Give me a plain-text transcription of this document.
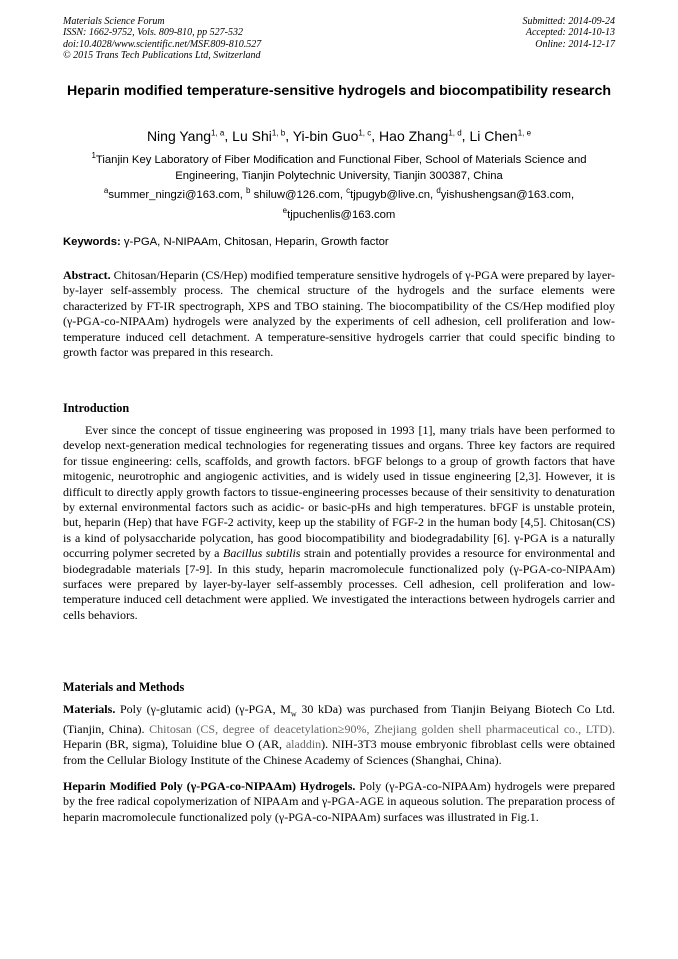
Materials Science Forum
ISSN: 1662-9752, Vols. 809-810, pp 527-532
doi:10.4028/www.scientific.net/MSF.809-810.527
© 2015 Trans Tech Publications Ltd, Switzerland
Submitted: 2014-09-24
Accepted: 2014-10-13
Online: 2014-12-17
Heparin modified temperature-sensitive hydrogels and biocompatibility research
Ning Yang$^{1, a}$, Lu Shi$^{1, b}$, Yi-bin Guo$^{1, c}$, Hao Zhang$^{1, d}$, Li Chen$^{1, e}$
$^1$Tianjin Key Laboratory of Fiber Modification and Functional Fiber, School of Materials Science and Engineering, Tianjin Polytechnic University, Tianjin 300387, China
$^a$summer_ningzi@163.com, $^b$ shiluw@126.com, $^c$tjpugyb@live.cn, $^d$yishushengsan@163.com,
$^e$tjpuchenlis@163.com
Keywords: γ-PGA, N-NIPAAm, Chitosan, Heparin, Growth factor

Abstract. Chitosan/Heparin (CS/Hep) modified temperature sensitive hydrogels of γ-PGA were prepared by layer-by-layer self-assembly process. The chemical structure of the hydrogels and the surface elements were characterized by FT-IR spectrograph, XPS and TBO staining. The biocompatibility of the CS/Hep modified ploy (γ-PGA-co-NIPAAm) hydrogels were analyzed by the experiments of cell adhesion, cell proliferation and low-temperature induced cell detachment. A temperature-sensitive hydrogels carrier that could specific binding to growth factor was prepared in this research.

Introduction

Ever since the concept of tissue engineering was proposed in 1993 [1], many trials have been performed to develop next-generation medical technologies for regenerating tissues and organs. Three key factors are required for tissue engineering: cells, scaffolds, and growth factors. bFGF belongs to a group of growth factors that have mitogenic, neurotrophic and angiogenic activities, and is widely used in tissue engineering [2,3]. However, it is difficult to directly apply growth factors to tissue-engineering processes because of their sensitivity to denaturation by external environmental factors such as acidic- or basic-pHs and high temperatures. bFGF is unstable protein, but, heparin (Hep) that have FGF-2 activity, keep up the stability of FGF-2 in the human body [4,5]. Chitosan(CS) is a kind of polysaccharide polycation, has good biocompatibility and biodegradability [6]. γ-PGA is a naturally occurring polymer secreted by a Bacillus subtilis strain and potentially provides a resource for environmental and biodegradable materials [7-9]. In this study, heparin macromolecule functionalized poly (γ-PGA-co-NIPAAm) surfaces were prepared by layer-by-layer self-assembly processes. Cell adhesion, cell proliferation and low-temperature induced cell detachment were applied. We investigated the interactions between hydrogels carrier and cells behaviors.

Materials and Methods

Materials. Poly (γ-glutamic acid) (γ-PGA, $M_w$ 30 kDa) was purchased from Tianjin Beiyang Biotech Co Ltd. (Tianjin, China). Chitosan (CS, degree of deacetylation≥90%, Zhejiang golden shell pharmaceutical co., LTD). Heparin (BR, sigma), Toluidine blue O (AR, aladdin). NIH-3T3 mouse embryonic fibroblast cells were obtained from the Cellular Biology Institute of the Chinese Academy of Sciences (Shanghai, China).

Heparin Modified Poly (γ-PGA-co-NIPAAm) Hydrogels. Poly (γ-PGA-co-NIPAAm) hydrogels were prepared by the free radical copolymerization of NIPAAm and γ-PGA-AGE in aqueous solution. The preparation process of heparin macromolecule functionalized poly (γ-PGA-co-NIPAAm) surfaces was illustrated in Fig.1.
